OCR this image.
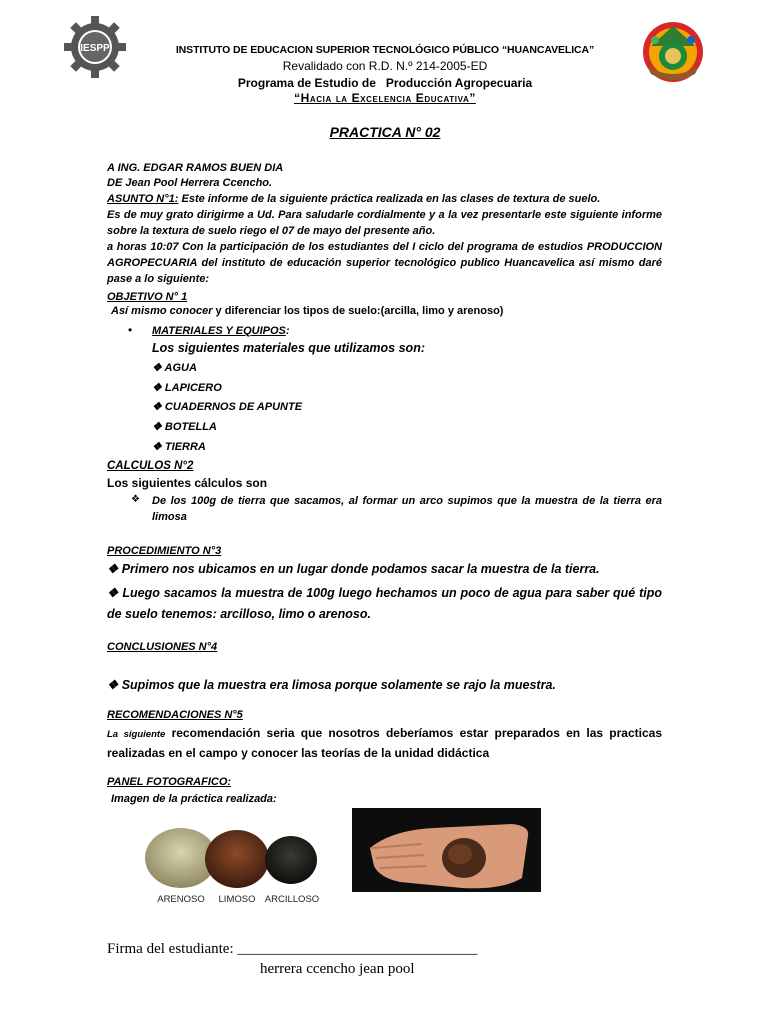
IESPP	INSTITUTO DE EDUCACION SUPERIOR TECNOLÓGICO PÚBLICO “HUANCAVELICA”
Revalidado con R.D. N.º 214-2005-ED
Programa de Estudio de   Producción Agropecuaria
“Hacia la Excelencia Educativa”
PRACTICA N° 02
A ING. EDGAR RAMOS BUEN DIA
DE Jean Pool Herrera Ccencho.
ASUNTO N°1: Este informe de la siguiente práctica realizada en las clases de textura de suelo.
Es de muy grato dirigirme a Ud. Para saludarle cordialmente y a la vez presentarle este siguiente informe sobre la textura de suelo riego el 07 de mayo del presente año.
a horas 10:07 Con la participación de los estudiantes del I ciclo del programa de estudios PRODUCCION AGROPECUARIA del instituto de educación superior tecnológico publico Huancavelica así mismo daré pase a lo siguiente:
OBJETIVO N° 1
Así mismo conocer y diferenciar los tipos de suelo:(arcilla, limo y arenoso)
• MATERIALES Y EQUIPOS:
Los siguientes materiales que utilizamos son:
❖ AGUA
❖ LAPICERO
❖ CUADERNOS DE APUNTE
❖ BOTELLA
❖ TIERRA
CALCULOS N°2
Los siguientes cálculos son
❖ De los 100g de tierra que sacamos, al formar un arco supimos que la muestra de la tierra era limosa
PROCEDIMIENTO N°3
❖ Primero nos ubicamos en un lugar donde podamos sacar la muestra de la tierra.
❖ Luego sacamos la muestra de 100g luego hechamos un poco de agua para saber qué tipo de suelo tenemos: arcilloso, limo o arenoso.
CONCLUSIONES N°4
❖ Supimos que la muestra era limosa porque solamente se rajo la muestra.
RECOMENDACIONES N°5
La siguiente recomendación seria que nosotros deberíamos estar preparados en las practicas realizadas en el campo y conocer las teorías de la unidad didáctica
PANEL FOTOGRAFICO:
Imagen de la práctica realizada:
ARENOSO LIMOSO ARCILLOSO
Firma del estudiante: ________________________________
herrera ccencho jean pool
